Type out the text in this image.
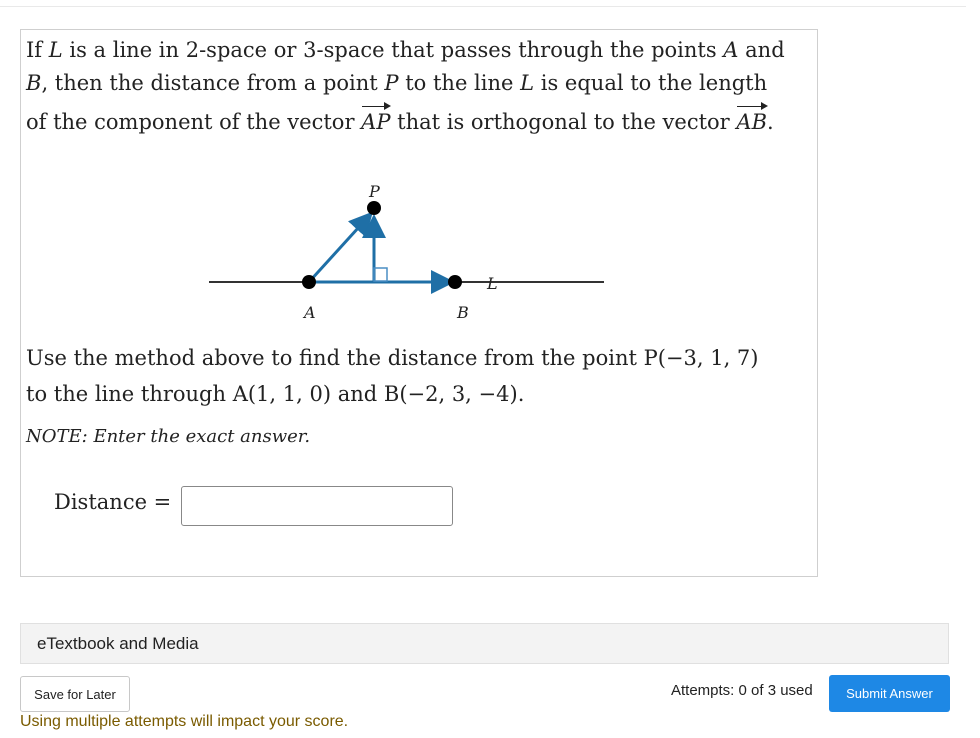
If L is a line in 2-space or 3-space that passes through the points A and
B, then the distance from a point P to the line L is equal to the length
of the component of the vector AP that is orthogonal to the vector AB.
P
A	B
L
Use the method above to find the distance from the point P(−3, 1, 7)
to the line through A(1, 1, 0) and B(−2, 3, −4).
NOTE: Enter the exact answer.
Distance =
eTextbook and Media
Save for Later	Attempts: 0 of 3 used	Submit Answer
Using multiple attempts will impact your score.
